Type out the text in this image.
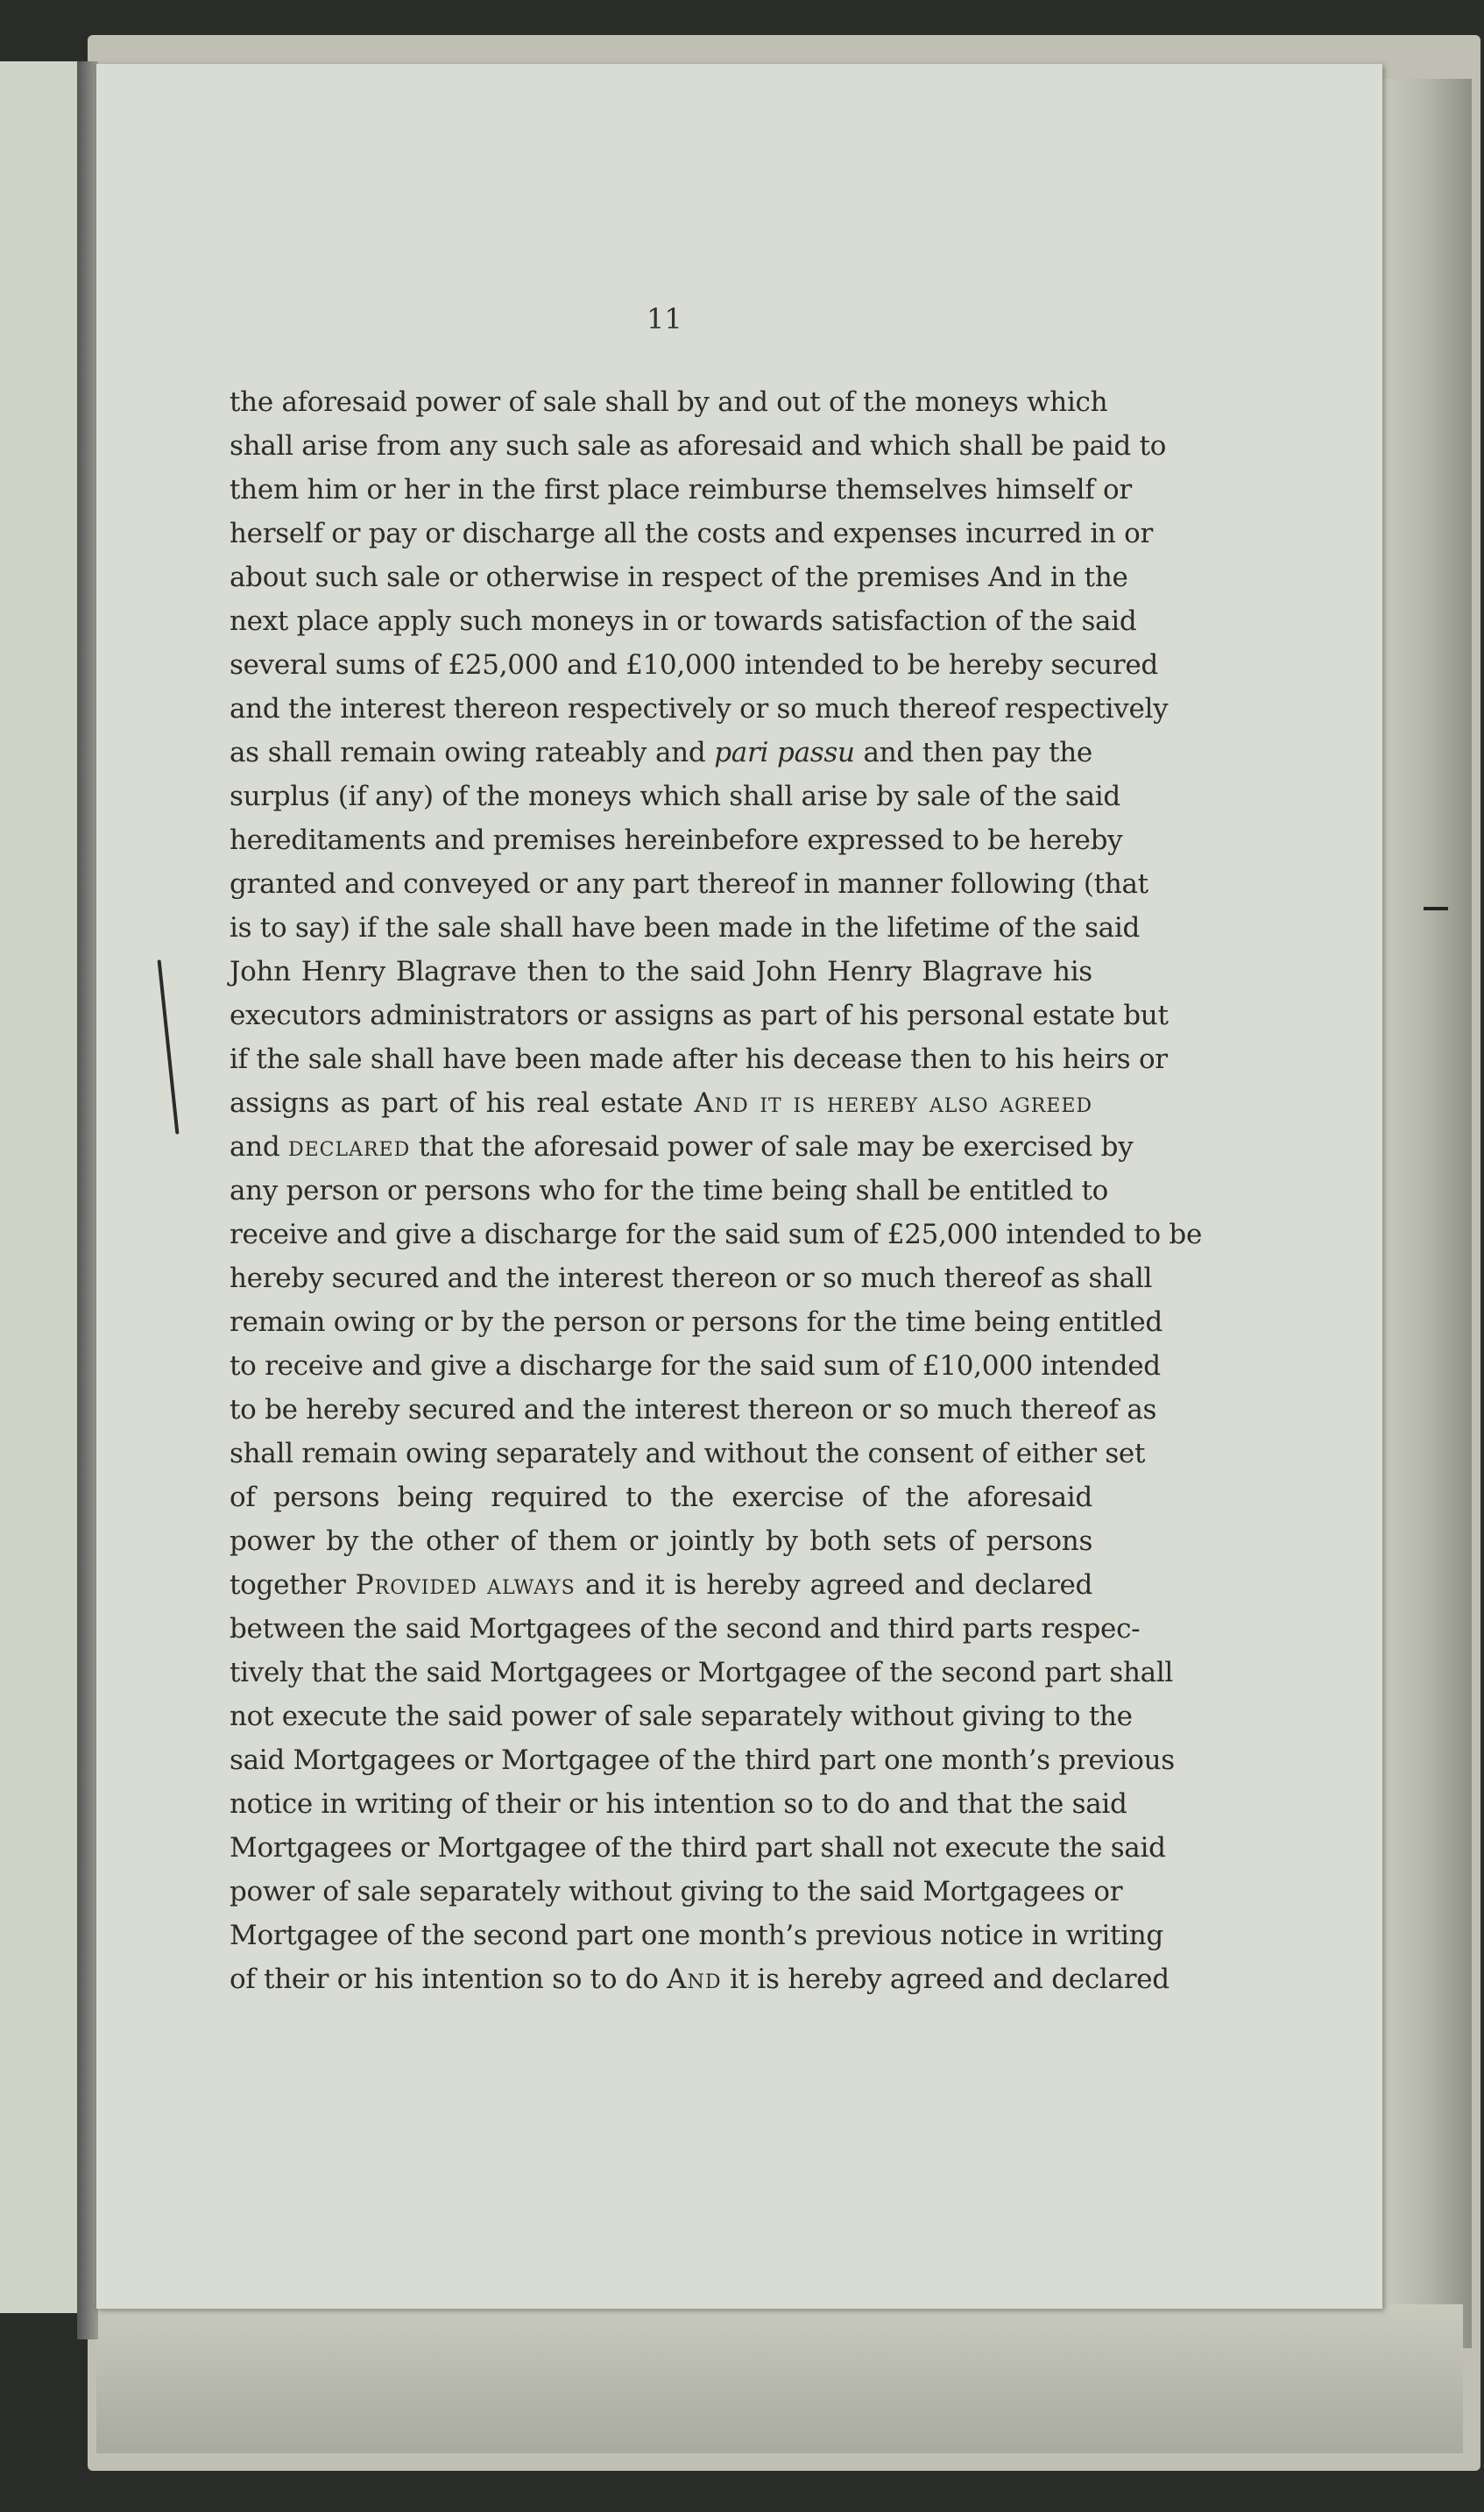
11
the aforesaid power of sale shall by and out of the moneys which
shall arise from any such sale as aforesaid and which shall be paid to
them him or her in the first place reimburse themselves himself or
herself or pay or discharge all the costs and expenses incurred in or
about such sale or otherwise in respect of the premises And in the
next place apply such moneys in or towards satisfaction of the said
several sums of £25,000 and £10,000 intended to be hereby secured
and the interest thereon respectively or so much thereof respectively
as shall remain owing rateably and pari passu and then pay the
surplus (if any) of the moneys which shall arise by sale of the said
hereditaments and premises hereinbefore expressed to be hereby
granted and conveyed or any part thereof in manner following (that
is to say) if the sale shall have been made in the lifetime of the said
John Henry Blagrave then to the said John Henry Blagrave his
executors administrators or assigns as part of his personal estate but
if the sale shall have been made after his decease then to his heirs or
assigns as part of his real estate And it is hereby also agreed
and declared that the aforesaid power of sale may be exercised by
any person or persons who for the time being shall be entitled to
receive and give a discharge for the said sum of £25,000 intended to be
hereby secured and the interest thereon or so much thereof as shall
remain owing or by the person or persons for the time being entitled
to receive and give a discharge for the said sum of £10,000 intended
to be hereby secured and the interest thereon or so much thereof as
shall remain owing separately and without the consent of either set
of persons being required to the exercise of the aforesaid
power by the other of them or jointly by both sets of persons
together Provided always and it is hereby agreed and declared
between the said Mortgagees of the second and third parts respec-
tively that the said Mortgagees or Mortgagee of the second part shall
not execute the said power of sale separately without giving to the
said Mortgagees or Mortgagee of the third part one month’s previous
notice in writing of their or his intention so to do and that the said
Mortgagees or Mortgagee of the third part shall not execute the said
power of sale separately without giving to the said Mortgagees or
Mortgagee of the second part one month’s previous notice in writing
of their or his intention so to do And it is hereby agreed and declared
